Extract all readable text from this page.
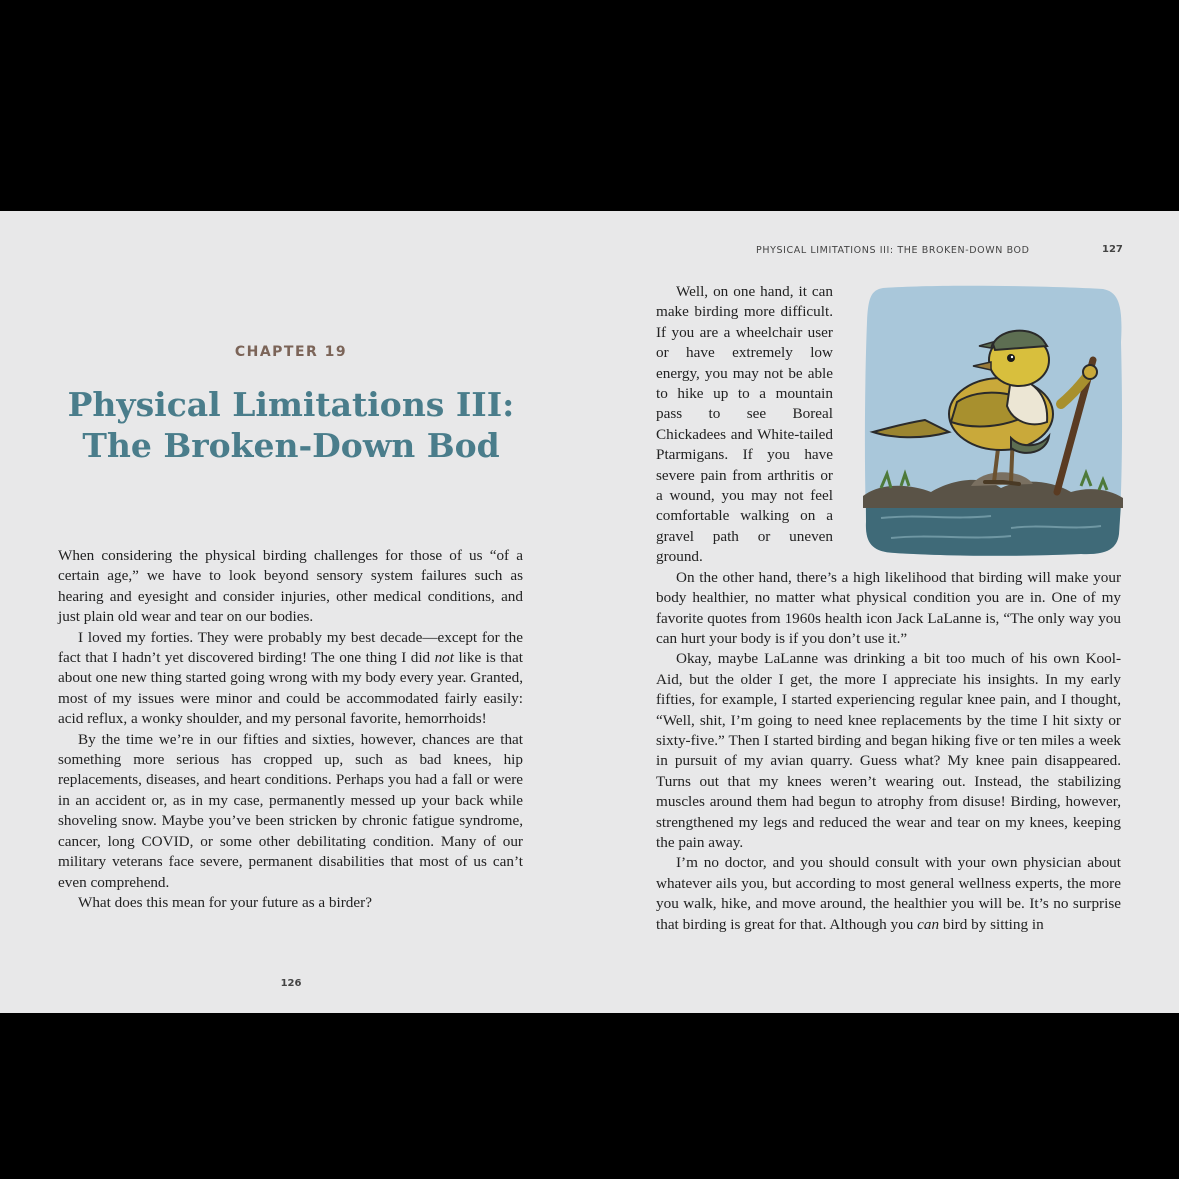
CHAPTER 19
Physical Limitations III:
The Broken-Down Bod

When considering the physical birding challenges for those of us “of a certain age,” we have to look beyond sensory system failures such as hearing and eyesight and consider injuries, other medical conditions, and just plain old wear and tear on our bodies.

I loved my forties. They were probably my best decade—except for the fact that I hadn’t yet discovered birding! The one thing I did not like is that about one new thing started going wrong with my body every year. Granted, most of my issues were minor and could be accommodated fairly easily: acid reflux, a wonky shoulder, and my personal favorite, hemorrhoids!

By the time we’re in our fifties and sixties, however, chances are that something more serious has cropped up, such as bad knees, hip replacements, diseases, and heart conditions. Perhaps you had a fall or were in an accident or, as in my case, permanently messed up your back while shoveling snow. Maybe you’ve been stricken by chronic fatigue syndrome, cancer, long COVID, or some other debilitating condition. Many of our military veterans face severe, permanent disabilities that most of us can’t even comprehend.

What does this mean for your future as a birder?

126
PHYSICAL LIMITATIONS III: THE BROKEN-DOWN BOD	127

Well, on one hand, it can make birding more difficult. If you are a wheelchair user or have extremely low energy, you may not be able to hike up to a mountain pass to see Boreal Chickadees and White-tailed Ptarmigans. If you have severe pain from arthritis or a wound, you may not feel comfortable walking on a gravel path or uneven ground.

On the other hand, there’s a high likelihood that birding will make your body healthier, no matter what physical condition you are in. One of my favorite quotes from 1960s health icon Jack LaLanne is, “The only way you can hurt your body is if you don’t use it.”

Okay, maybe LaLanne was drinking a bit too much of his own Kool-Aid, but the older I get, the more I appreciate his insights. In my early fifties, for example, I started experiencing regular knee pain, and I thought, “Well, shit, I’m going to need knee replacements by the time I hit sixty or sixty-five.” Then I started birding and began hiking five or ten miles a week in pursuit of my avian quarry. Guess what? My knee pain disappeared. Turns out that my knees weren’t wearing out. Instead, the stabilizing muscles around them had begun to atrophy from disuse! Birding, however, strengthened my legs and reduced the wear and tear on my knees, keeping the pain away.

I’m no doctor, and you should consult with your own physician about whatever ails you, but according to most general wellness experts, the more you walk, hike, and move around, the healthier you will be. It’s no surprise that birding is great for that. Although you can bird by sitting in
